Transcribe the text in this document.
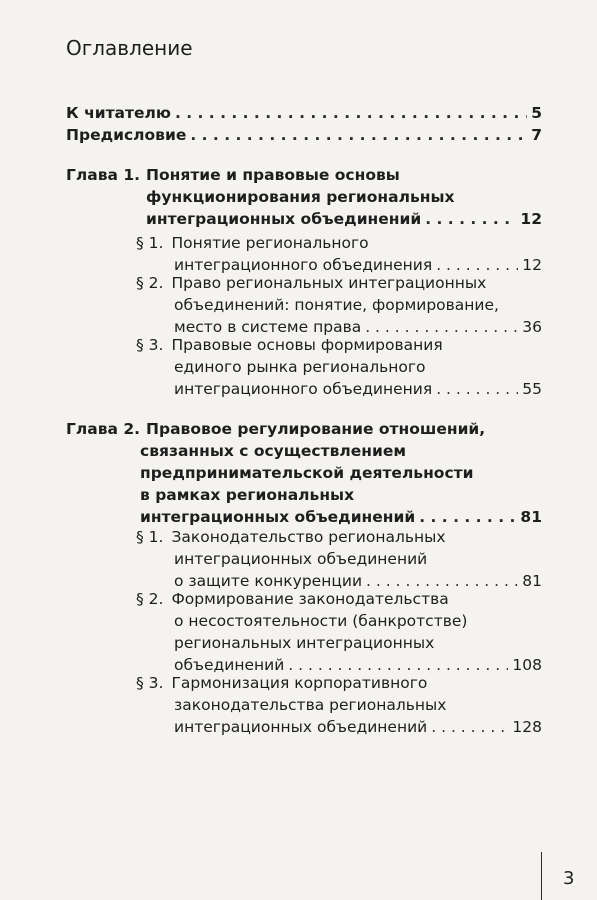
Оглавление
К читателю . . .	5
Предисловие . . .	7
Глава 1. Понятие и правовые основы
функционирования региональных
интеграционных объединений . . .	12
§ 1. Понятие регионального
интеграционного объединения . . .	12
§ 2. Право региональных интеграционных
объединений: понятие, формирование,
место в системе права . . .	36
§ 3. Правовые основы формирования
единого рынка регионального
интеграционного объединения . . .	55
Глава 2. Правовое регулирование отношений,
связанных с осуществлением
предпринимательской деятельности
в рамках региональных
интеграционных объединений . . .	81
§ 1. Законодательство региональных
интеграционных объединений
о защите конкуренции . . .	81
§ 2. Формирование законодательства
о несостоятельности (банкротстве)
региональных интеграционных
объединений . . .	108
§ 3. Гармонизация корпоративного
законодательства региональных
интеграционных объединений . . .	128
3
